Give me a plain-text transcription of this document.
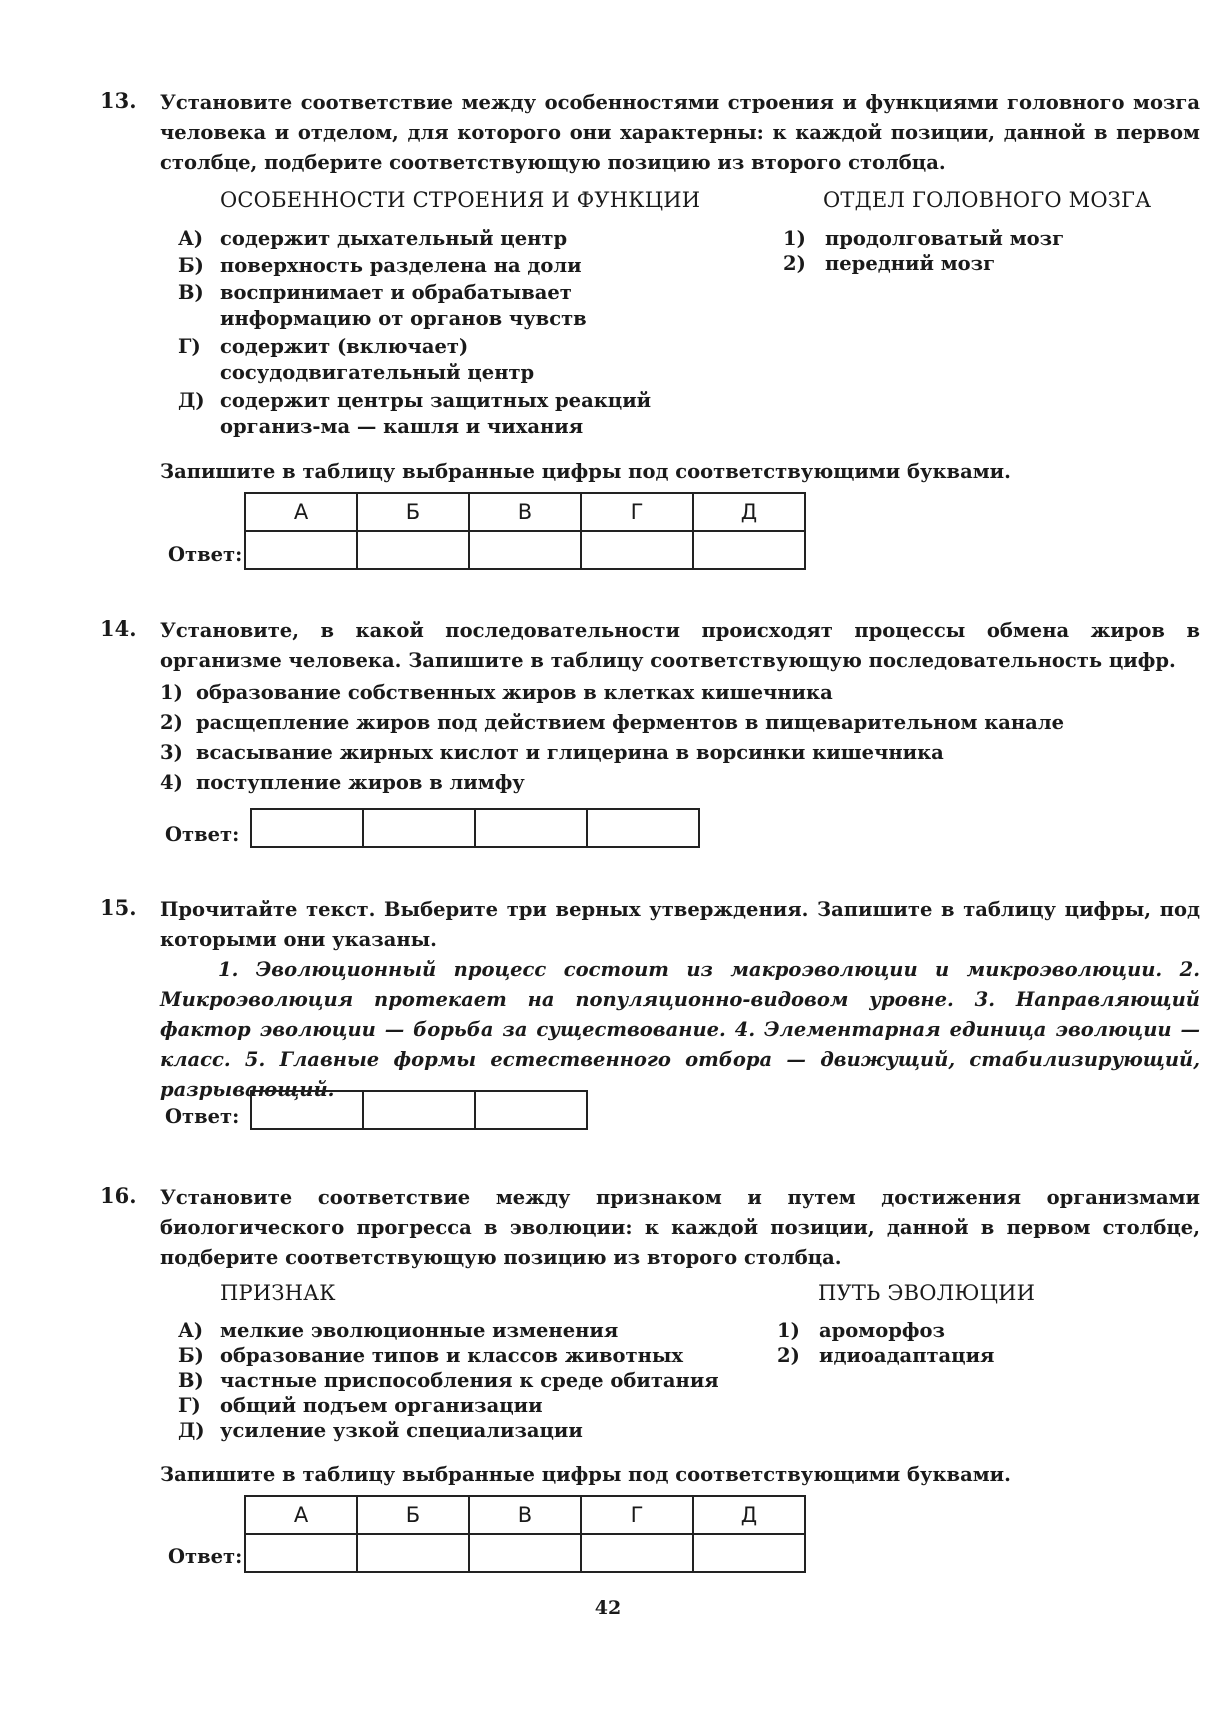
13. Установите соответствие между особенностями строения и функциями головного мозга человека и отделом, для которого они характерны: к каждой позиции, данной в первом столбце, подберите соответствующую позицию из второго столбца.

ОСОБЕННОСТИ СТРОЕНИЯ И ФУНКЦИИ	ОТДЕЛ ГОЛОВНОГО МОЗГА
А) содержит дыхательный центр
Б) поверхность разделена на доли
В) воспринимает и обрабатывает информацию от органов чувств
Г) содержит (включает) сосудодвигательный центр
Д) содержит центры защитных реакций организ-ма — кашля и чихания
1) продолговатый мозг
2) передний мозг
Запишите в таблицу выбранные цифры под соответствующими буквами.
Ответ:
А	Б	В	Г	Д

14. Установите, в какой последовательности происходят процессы обмена жиров в организме человека. Запишите в таблицу соответствующую последовательность цифр.

1) образование собственных жиров в клетках кишечника
2) расщепление жиров под действием ферментов в пищеварительном канале
3) всасывание жирных кислот и глицерина в ворсинки кишечника
4) поступление жиров в лимфу
Ответ:

15. Прочитайте текст. Выберите три верных утверждения. Запишите в таблицу цифры, под которыми они указаны.

1. Эволюционный процесс состоит из макроэволюции и микроэволюции. 2. Микроэволюция протекает на популяционно-видовом уровне. 3. Направляющий фактор эволюции — борьба за существование. 4. Элементарная единица эволюции — класс. 5. Главные формы естественного отбора — движущий, стабилизирующий, разрывающий.

Ответ:

16. Установите соответствие между признаком и путем достижения организмами биологического прогресса в эволюции: к каждой позиции, данной в первом столбце, подберите соответствующую позицию из второго столбца.

ПРИЗНАК	ПУТЬ ЭВОЛЮЦИИ
А) мелкие эволюционные изменения
Б) образование типов и классов животных
В) частные приспособления к среде обитания
Г) общий подъем организации
Д) усиление узкой специализации
1) ароморфоз
2) идиоадаптация
Запишите в таблицу выбранные цифры под соответствующими буквами.
Ответ:
А	Б	В	Г	Д

42
